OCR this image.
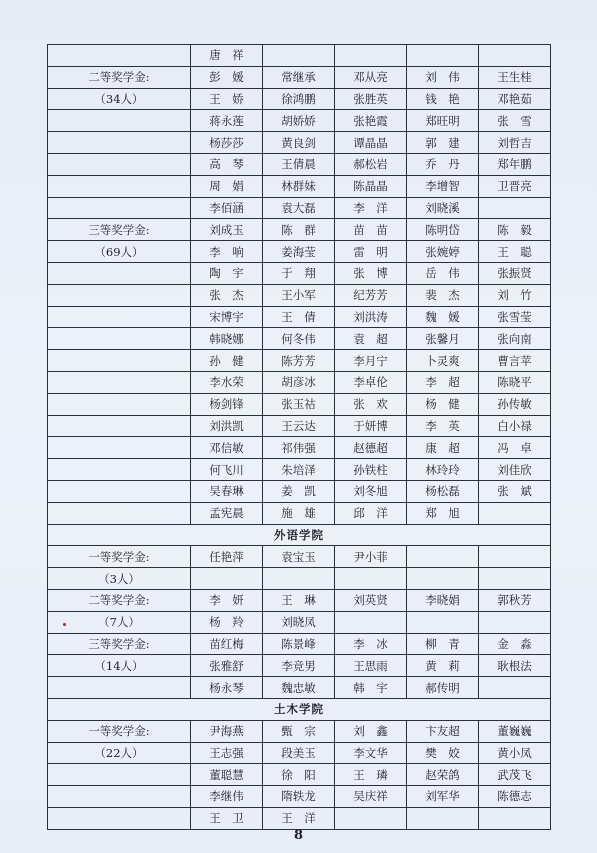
	唐　祥				
二等奖学金:	彭　媛	常继承	邓从亮	刘　伟	王生桂
（34人）	王　娇	徐鸿鹏	张胜英	钱　艳	邓艳茹
	蒋永莲	胡娇娇	张艳霞	郑旺明	张　雪
	杨莎莎	黄良剑	谭晶晶	郭　建	刘哲吉
	高　琴	王倩晨	郝松岩	乔　丹	郑年鹏
	周　娟	林群妹	陈晶晶	李增智	卫晋亮
	李佰涵	袁大磊	李　洋	刘晓溪	
三等奖学金:	刘成玉	陈　群	苗　苗	陈明岱	陈　毅
（69人）	李　响	姜海莹	雷　明	张婉婷	王　聪
	陶　宇	于　翔	张　博	岳　伟	张振贤
	张　杰	王小军	纪芳芳	裴　杰	刘　竹
	宋博宇	王　倩	刘洪涛	魏　媛	张雪莹
	韩晓娜	何冬伟	袁　超	张馨月	张向南
	孙　健	陈芳芳	李月宁	卜灵爽	曹言苹
	李水荣	胡彦冰	李卓伦	李　超	陈晓平
	杨剑锋	张玉祜	张　欢	杨　健	孙传敏
	刘洪凯	王云达	于妍博	李　英	白小禄
	邓信敏	祁伟强	赵德超	康　超	冯　卓
	何飞川	朱培泽	孙铁柱	林玲玲	刘佳欣
	吴春琳	姜　凯	刘冬旭	杨松磊	张　斌
	孟宪晨	施　雄	邱　洋	郑　旭	
外语学院					
一等奖学金:	任艳萍	袁宝玉	尹小菲		
（3人）					
二等奖学金:	李　妍	王　琳	刘英贤	李晓娟	郭秋芳
（7人）	杨　羚	刘晓凤			
三等奖学金:	苗红梅	陈景峰	李　冰	柳　青	金　淼
（14人）	张雅舒	李竞男	王思雨	黄　莉	耿根法
	杨永琴	魏忠敏	韩　宇	郝传明	
土木学院					
一等奖学金:	尹海燕	甄　宗	刘　鑫	卞友超	董巍巍
（22人）	王志强	段美玉	李文华	樊　姣	黄小凤
	董聪慧	徐　阳	王　璘	赵荣鸽	武茂飞
	李继伟	隋轶龙	吴庆祥	刘军华	陈德志
	王　卫	王　洋			
8
